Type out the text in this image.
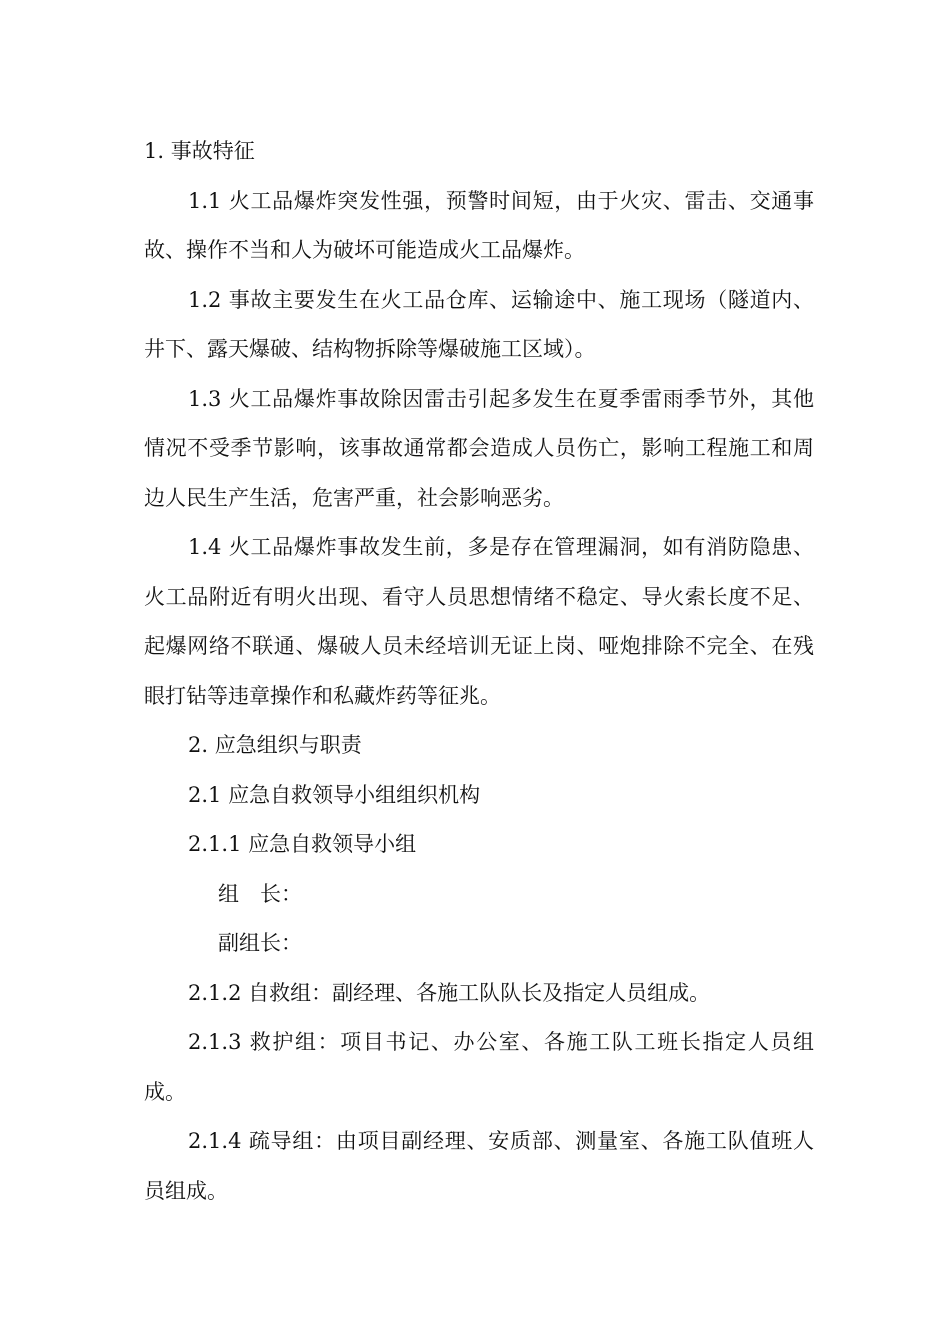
1. 事故特征

1.1 火工品爆炸突发性强，预警时间短，由于火灾、雷击、交通事故、操作不当和人为破坏可能造成火工品爆炸。

1.2 事故主要发生在火工品仓库、运输途中、施工现场（隧道内、井下、露天爆破、结构物拆除等爆破施工区域）。

1.3 火工品爆炸事故除因雷击引起多发生在夏季雷雨季节外，其他情况不受季节影响，该事故通常都会造成人员伤亡，影响工程施工和周边人民生产生活，危害严重，社会影响恶劣。

1.4 火工品爆炸事故发生前，多是存在管理漏洞，如有消防隐患、火工品附近有明火出现、看守人员思想情绪不稳定、导火索长度不足、起爆网络不联通、爆破人员未经培训无证上岗、哑炮排除不完全、在残眼打钻等违章操作和私藏炸药等征兆。

2. 应急组织与职责

2.1 应急自救领导小组组织机构

2.1.1 应急自救领导小组

组　长：

副组长：

2.1.2 自救组：副经理、各施工队队长及指定人员组成。

2.1.3 救护组：项目书记、办公室、各施工队工班长指定人员组成。

2.1.4 疏导组：由项目副经理、安质部、测量室、各施工队值班人员组成。
